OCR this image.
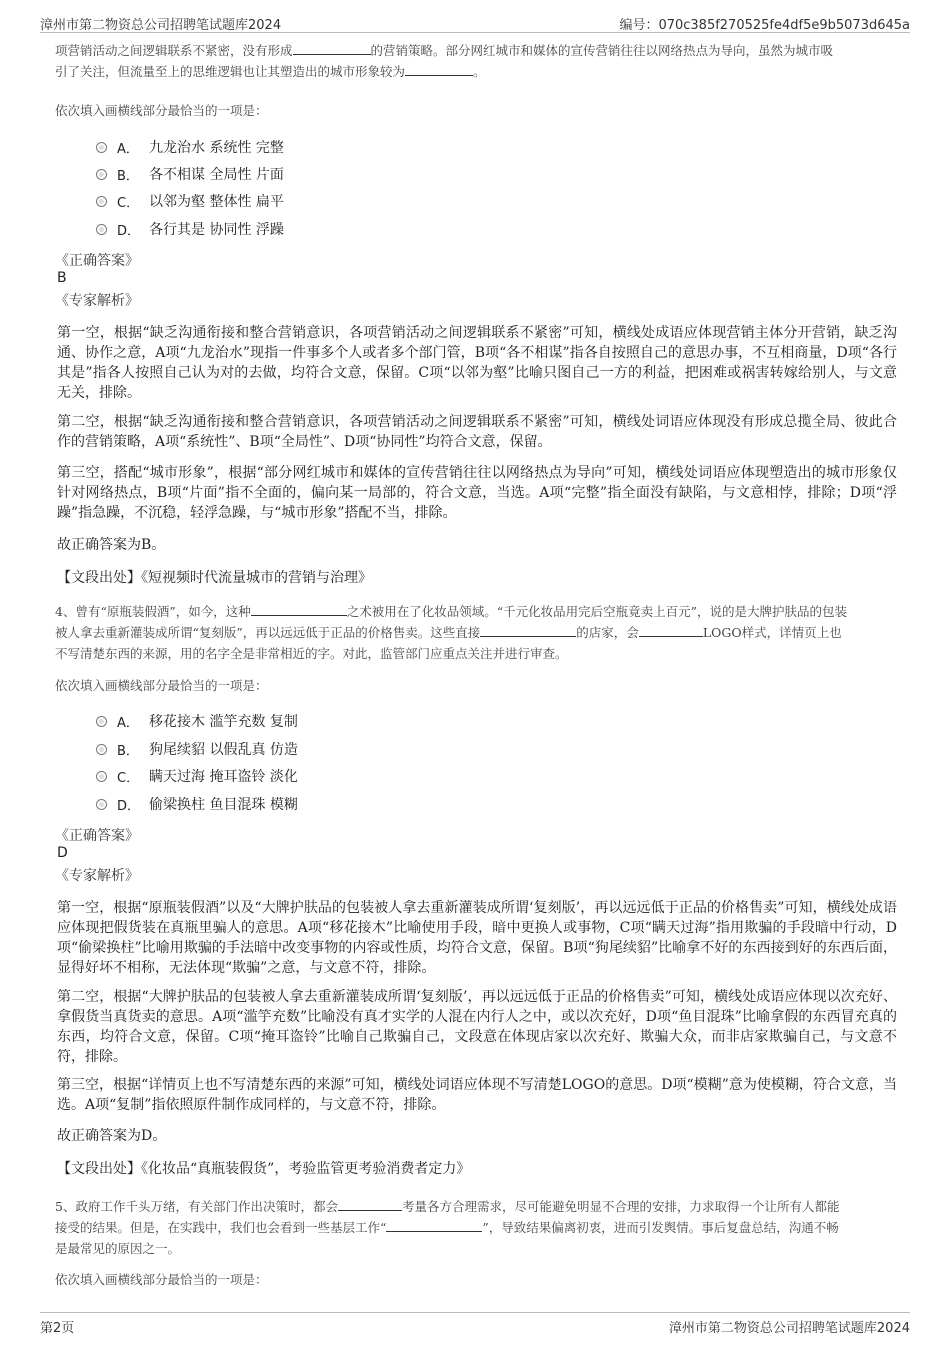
漳州市第二物资总公司招聘笔试题库2024	编号：070c385f270525fe4df5e9b5073d645a
项营销活动之间逻辑联系不紧密，没有形成	的营销策略。部分网红城市和媒体的宣传营销往往以网络热点为导向，虽然为城市吸
引了关注，但流量至上的思维逻辑也让其塑造出的城市形象较为	。
依次填入画横线部分最恰当的一项是：
A． 九龙治水 系统性 完整
B． 各不相谋 全局性 片面
C． 以邻为壑 整体性 扁平
D． 各行其是 协同性 浮躁
《正确答案》
B
《专家解析》
第一空，根据“缺乏沟通衔接和整合营销意识，各项营销活动之间逻辑联系不紧密”可知，横线处成语应体现营销主体分开营销，缺乏沟通、协作之意，A项“九龙治水”现指一件事多个人或者多个部门管，B项“各不相谋”指各自按照自己的意思办事，不互相商量，D项“各行其是”指各人按照自己认为对的去做，均符合文意，保留。C项“以邻为壑”比喻只图自己一方的利益，把困难或祸害转嫁给别人，与文意无关，排除。
第二空，根据“缺乏沟通衔接和整合营销意识，各项营销活动之间逻辑联系不紧密”可知，横线处词语应体现没有形成总揽全局、彼此合作的营销策略，A项“系统性”、B项“全局性”、D项“协同性”均符合文意，保留。
第三空，搭配“城市形象”，根据“部分网红城市和媒体的宣传营销往往以网络热点为导向”可知，横线处词语应体现塑造出的城市形象仅针对网络热点，B项“片面”指不全面的，偏向某一局部的，符合文意，当选。A项“完整”指全面没有缺陷，与文意相悖，排除；D项“浮躁”指急躁，不沉稳，轻浮急躁，与“城市形象”搭配不当，排除。
故正确答案为B。
【文段出处】《短视频时代流量城市的营销与治理》
4、曾有“原瓶装假酒”，如今，这种	之术被用在了化妆品领域。“千元化妆品用完后空瓶竟卖上百元”，说的是大牌护肤品的包装
被人拿去重新灌装成所谓“复刻版”，再以远远低于正品的价格售卖。这些直接	的店家，会	LOGO样式，详情页上也
不写清楚东西的来源，用的名字全是非常相近的字。对此，监管部门应重点关注并进行审查。
依次填入画横线部分最恰当的一项是：
A． 移花接木 滥竽充数 复制
B． 狗尾续貂 以假乱真 仿造
C． 瞒天过海 掩耳盗铃 淡化
D． 偷梁换柱 鱼目混珠 模糊
《正确答案》
D
《专家解析》
第一空，根据“原瓶装假酒”以及“大牌护肤品的包装被人拿去重新灌装成所谓‘复刻版’，再以远远低于正品的价格售卖”可知，横线处成语应体现把假货装在真瓶里骗人的意思。A项“移花接木”比喻使用手段，暗中更换人或事物，C项“瞒天过海”指用欺骗的手段暗中行动，D项“偷梁换柱”比喻用欺骗的手法暗中改变事物的内容或性质，均符合文意，保留。B项“狗尾续貂”比喻拿不好的东西接到好的东西后面，显得好坏不相称，无法体现“欺骗”之意，与文意不符，排除。
第二空，根据“大牌护肤品的包装被人拿去重新灌装成所谓‘复刻版’，再以远远低于正品的价格售卖”可知，横线处成语应体现以次充好、拿假货当真货卖的意思。A项“滥竽充数”比喻没有真才实学的人混在内行人之中，或以次充好，D项“鱼目混珠”比喻拿假的东西冒充真的东西，均符合文意，保留。C项“掩耳盗铃”比喻自己欺骗自己，文段意在体现店家以次充好、欺骗大众，而非店家欺骗自己，与文意不符，排除。
第三空，根据“详情页上也不写清楚东西的来源”可知，横线处词语应体现不写清楚LOGO的意思。D项“模糊”意为使模糊，符合文意，当选。A项“复制”指依照原件制作成同样的，与文意不符，排除。
故正确答案为D。
【文段出处】《化妆品“真瓶装假货”，考验监管更考验消费者定力》
5、政府工作千头万绪，有关部门作出决策时，都会	考量各方合理需求，尽可能避免明显不合理的安排，力求取得一个让所有人都能
接受的结果。但是，在实践中，我们也会看到一些基层工作“	”，导致结果偏离初衷，进而引发舆情。事后复盘总结，沟通不畅
是最常见的原因之一。
依次填入画横线部分最恰当的一项是：
第2页	漳州市第二物资总公司招聘笔试题库2024
